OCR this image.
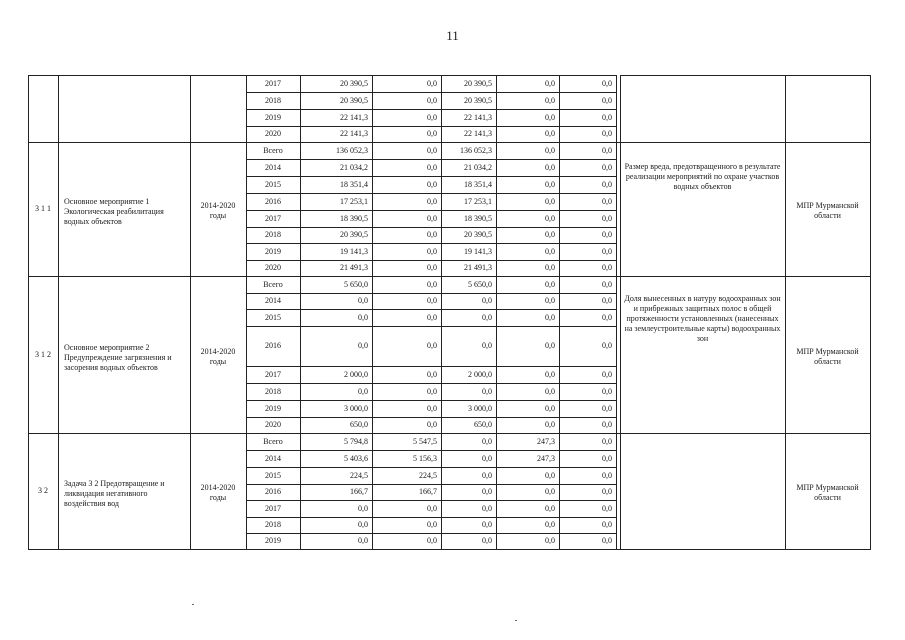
11
2017	20 390,5	0,0	20 390,5	0,0	0,0
2018	20 390,5	0,0	20 390,5	0,0	0,0
2019	22 141,3	0,0	22 141,3	0,0	0,0
2020	22 141,3	0,0	22 141,3	0,0	0,0
Всего	136 052,3	0,0	136 052,3	0,0	0,0
2014	21 034,2	0,0	21 034,2	0,0	0,0
2015	18 351,4	0,0	18 351,4	0,0	0,0
2016	17 253,1	0,0	17 253,1	0,0	0,0
2017	18 390,5	0,0	18 390,5	0,0	0,0
2018	20 390,5	0,0	20 390,5	0,0	0,0
2019	19 141,3	0,0	19 141,3	0,0	0,0
2020	21 491,3	0,0	21 491,3	0,0	0,0
3 1 1
Основное мероприятие 1 Экологическая реабилитация водных объектов
2014-2020 годы
Размер вреда, предотвращенного в результате реализации мероприятий по охране участков водных объектов
МПР Мурманской области
Всего	5 650,0	0,0	5 650,0	0,0	0,0
2014	0,0	0,0	0,0	0,0	0,0
2015	0,0	0,0	0,0	0,0	0,0
2016	0,0	0,0	0,0	0,0	0,0
2017	2 000,0	0,0	2 000,0	0,0	0,0
2018	0,0	0,0	0,0	0,0	0,0
2019	3 000,0	0,0	3 000,0	0,0	0,0
2020	650,0	0,0	650,0	0,0	0,0
3 1 2
Основное мероприятие 2 Предупреждение загрязнения и засорения водных объектов
2014-2020 годы
Доля вынесенных в натуру водоохранных зон и прибрежных защитных полос в общей протяженности установленных (нанесенных на землеустроительные карты) водоохранных зон
МПР Мурманской области
Всего	5 794,8	5 547,5	0,0	247,3	0,0
2014	5 403,6	5 156,3	0,0	247,3	0,0
2015	224,5	224,5	0,0	0,0	0,0
2016	166,7	166,7	0,0	0,0	0,0
2017	0,0	0,0	0,0	0,0	0,0
2018	0,0	0,0	0,0	0,0	0,0
2019	0,0	0,0	0,0	0,0	0,0
3 2
Задача 3 2 Предотвращение и ликвидация негативного воздействия вод
2014-2020 годы
МПР Мурманской области
